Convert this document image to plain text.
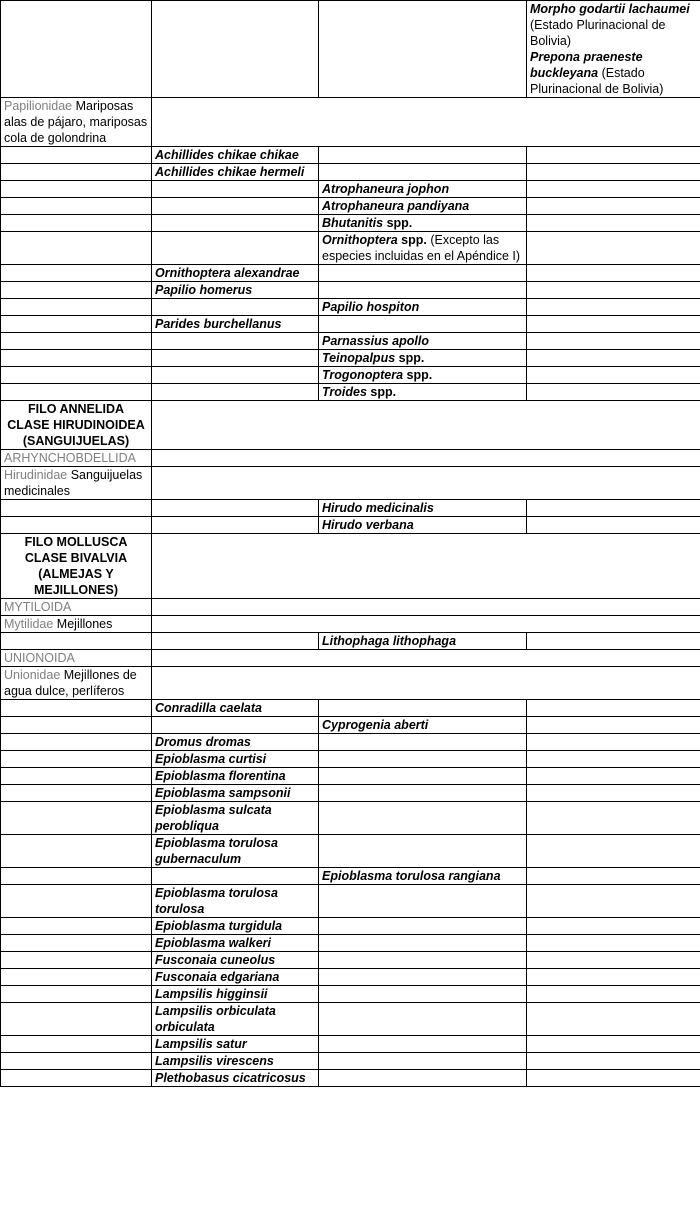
			Morpho godartii lachaumei (Estado Plurinacional de Bolivia)
Prepona praeneste buckleyana (Estado Plurinacional de Bolivia)

Papilionidae Mariposas alas de pájaro, mariposas cola de golondrina			

	Achillides chikae chikae		

	Achillides chikae hermeli		

		Atrophaneura jophon	

		Atrophaneura pandiyana	

		Bhutanitis spp.	

		Ornithoptera spp. (Excepto las especies incluidas en el Apéndice I)	

	Ornithoptera alexandrae		

	Papilio homerus		

		Papilio hospiton	

	Parides burchellanus		

		Parnassius apollo	

		Teinopalpus spp.	

		Trogonoptera spp.	

		Troides spp.	

FILO ANNELIDA
CLASE HIRUDINOIDEA
(SANGUIJUELAS)			
ARHYNCHOBDELLIDA			
Hirudinidae Sanguijuelas medicinales			

		Hirudo medicinalis	

		Hirudo verbana	

FILO MOLLUSCA
CLASE BIVALVIA
(ALMEJAS Y
MEJILLONES)			
MYTILOIDA			
Mytilidae Mejillones			

		Lithophaga lithophaga	

UNIONOIDA			
Unionidae Mejillones de agua dulce, perlíferos			

	Conradilla caelata		

		Cyprogenia aberti	

	Dromus dromas		

	Epioblasma curtisi		

	Epioblasma florentina		

	Epioblasma sampsonii		

	Epioblasma sulcata perobliqua		

	Epioblasma torulosa gubernaculum		

		Epioblasma torulosa rangiana	

	Epioblasma torulosa torulosa		

	Epioblasma turgidula		

	Epioblasma walkeri		

	Fusconaia cuneolus		

	Fusconaia edgariana		

	Lampsilis higginsii		

	Lampsilis orbiculata orbiculata		

	Lampsilis satur		

	Lampsilis virescens		

	Plethobasus cicatricosus		
